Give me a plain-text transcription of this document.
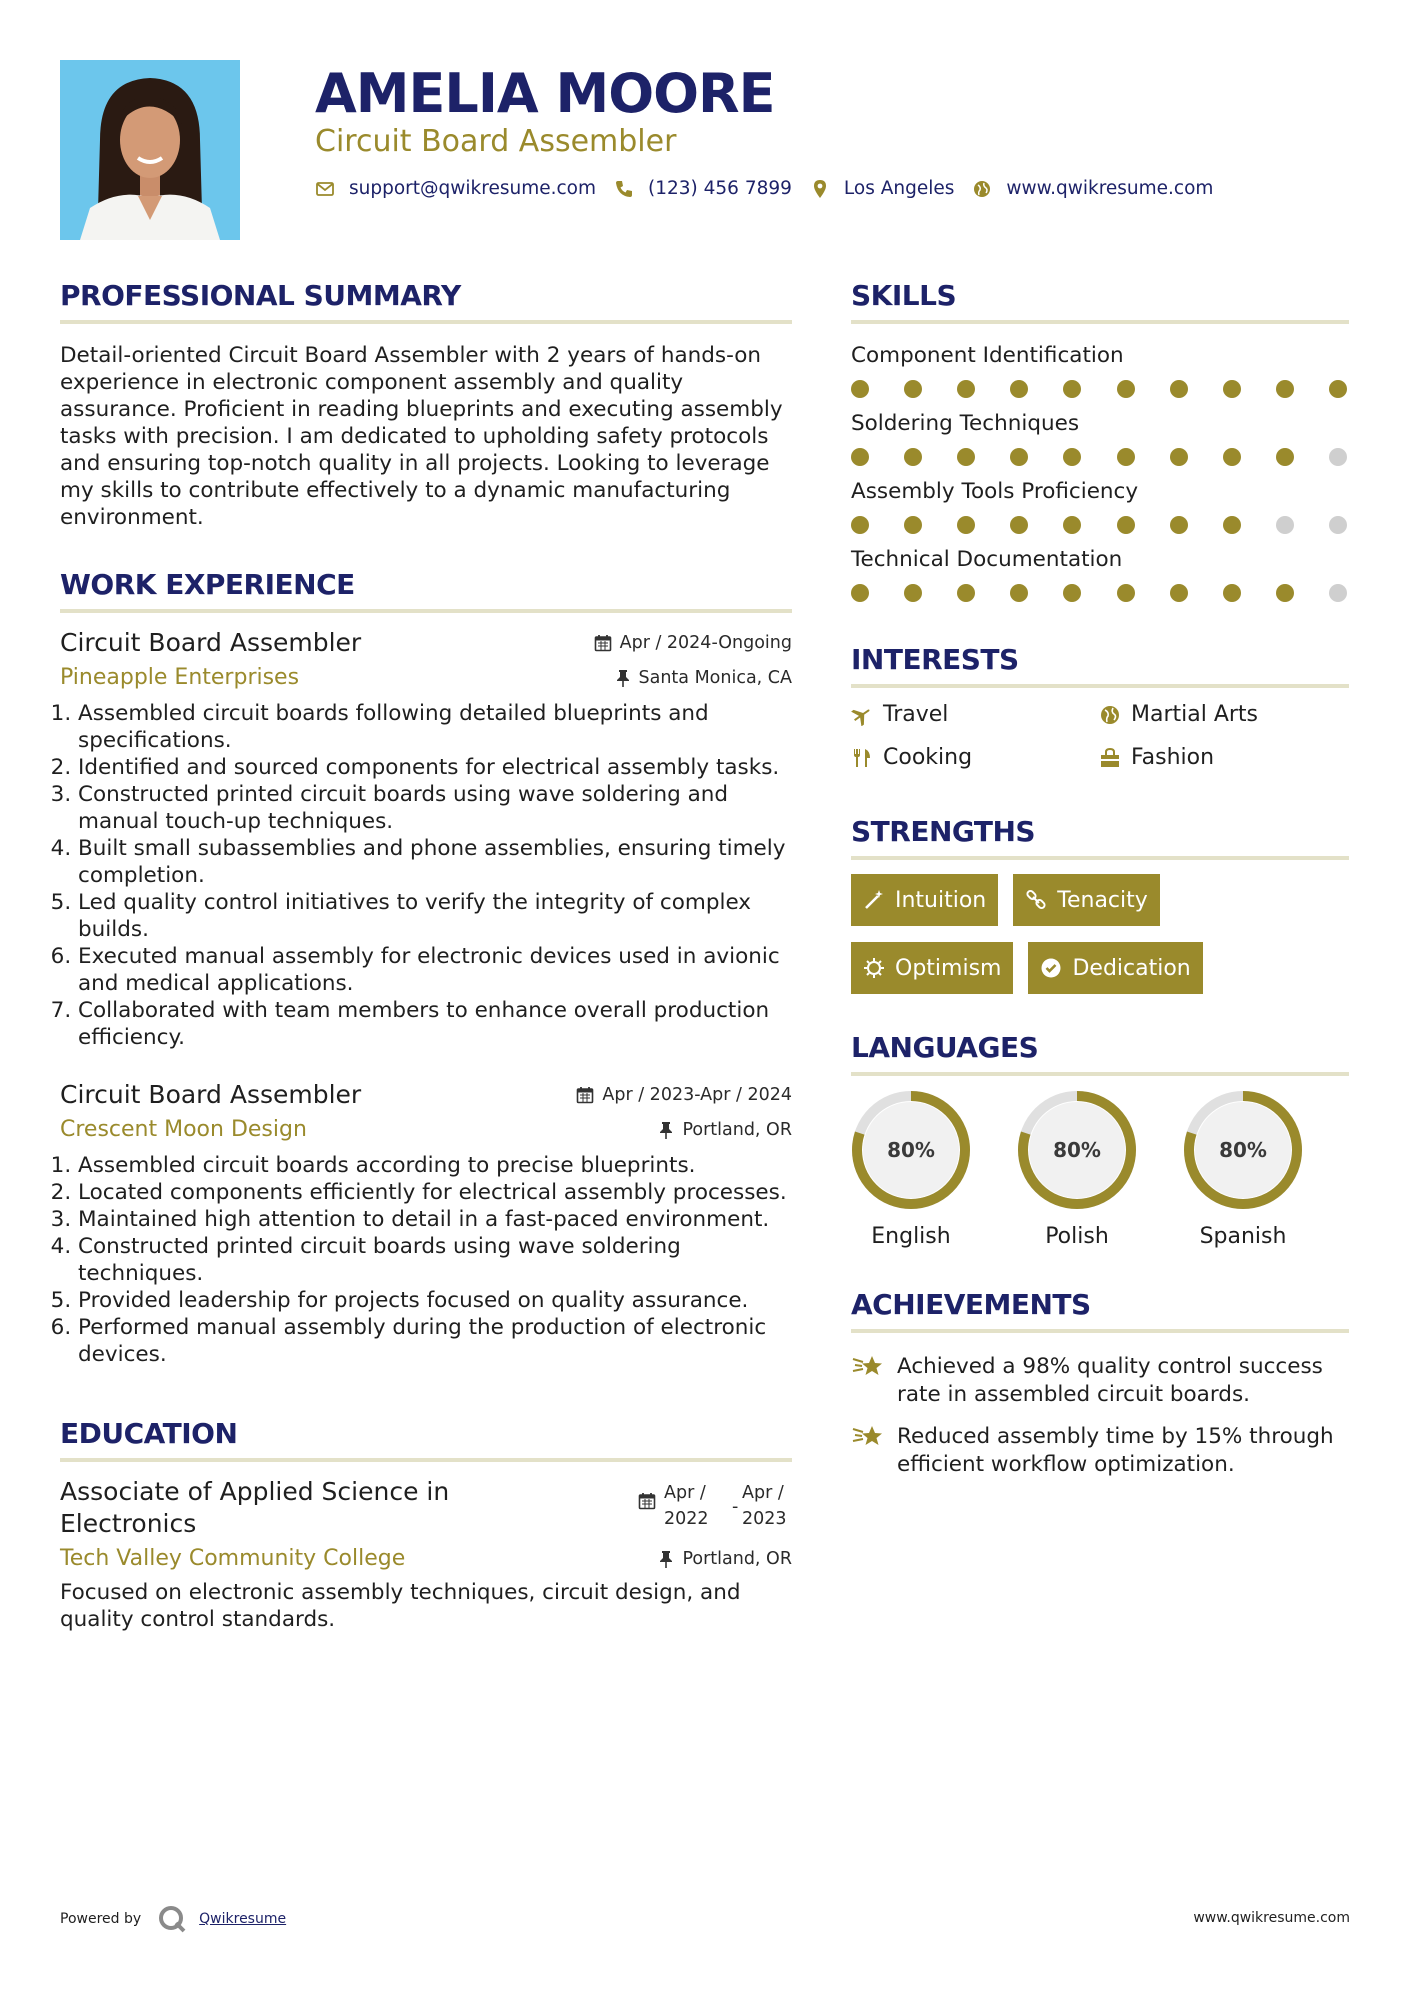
AMELIA MOORE
Circuit Board Assembler
support@qwikresume.com	(123) 456 7899	Los Angeles	www.qwikresume.com
PROFESSIONAL SUMMARY
Detail-oriented Circuit Board Assembler with 2 years of hands-on experience in electronic component assembly and quality assurance. Proficient in reading blueprints and executing assembly tasks with precision. I am dedicated to upholding safety protocols and ensuring top-notch quality in all projects. Looking to leverage my skills to contribute effectively to a dynamic manufacturing environment.
WORK EXPERIENCE
Circuit Board Assembler	Apr / 2024-Ongoing
Pineapple Enterprises	Santa Monica, CA
1. Assembled circuit boards following detailed blueprints and specifications.
2. Identified and sourced components for electrical assembly tasks.
3. Constructed printed circuit boards using wave soldering and manual touch-up techniques.
4. Built small subassemblies and phone assemblies, ensuring timely completion.
5. Led quality control initiatives to verify the integrity of complex builds.
6. Executed manual assembly for electronic devices used in avionic and medical applications.
7. Collaborated with team members to enhance overall production efficiency.
Circuit Board Assembler	Apr / 2023-Apr / 2024
Crescent Moon Design	Portland, OR
1. Assembled circuit boards according to precise blueprints.
2. Located components efficiently for electrical assembly processes.
3. Maintained high attention to detail in a fast-paced environment.
4. Constructed printed circuit boards using wave soldering techniques.
5. Provided leadership for projects focused on quality assurance.
6. Performed manual assembly during the production of electronic devices.
EDUCATION
Associate of Applied Science in Electronics
Apr / 2022
-
Apr / 2023
Tech Valley Community College	Portland, OR
Focused on electronic assembly techniques, circuit design, and quality control standards.
SKILLS
Component Identification
Soldering Techniques
Assembly Tools Proficiency
Technical Documentation
INTERESTS
Travel	Martial Arts
Cooking	Fashion
STRENGTHS
Intuition	Tenacity
Optimism	Dedication
LANGUAGES
80%
English
80%
Polish
80%
Spanish
ACHIEVEMENTS
Achieved a 98% quality control success rate in assembled circuit boards.
Reduced assembly time by 15% through efficient workflow optimization.
Powered by	Qwikresume	www.qwikresume.com
